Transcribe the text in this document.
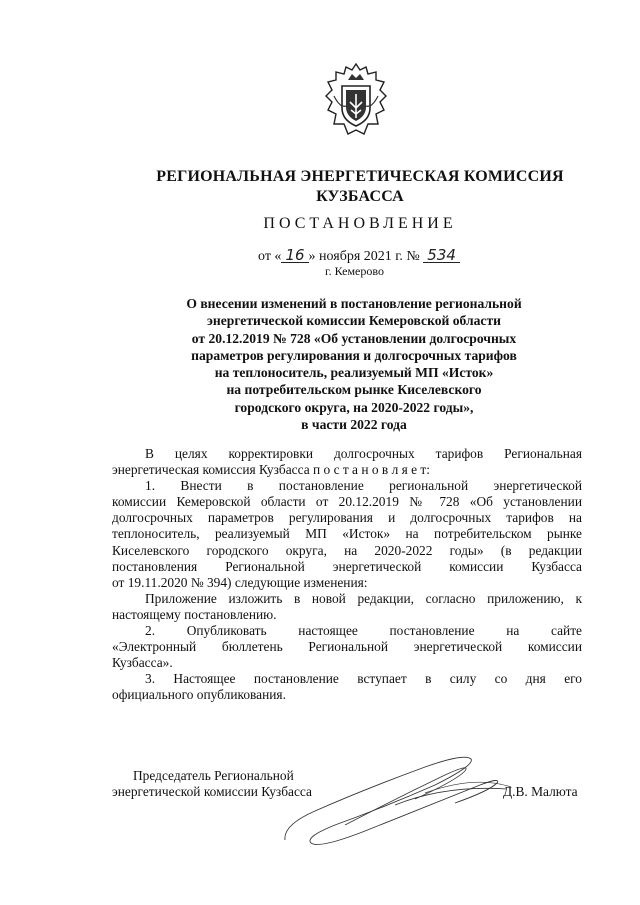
РЕГИОНАЛЬНАЯ ЭНЕРГЕТИЧЕСКАЯ КОМИССИЯ
КУЗБАССА
ПОСТАНОВЛЕНИЕ
от « 16 » ноября 2021 г. № 534
г. Кемерово
О внесении изменений в постановление региональной
энергетической комиссии Кемеровской области
от 20.12.2019 № 728 «Об установлении долгосрочных
параметров регулирования и долгосрочных тарифов
на теплоноситель, реализуемый МП «Исток»
на потребительском рынке Киселевского
городского округа, на 2020-2022 годы»,
в части 2022 года
В целях корректировки долгосрочных тарифов Региональная
энергетическая комиссия Кузбасса п о с т а н о в л я е т:
1. Внести в постановление региональной энергетической
комиссии Кемеровской области от 20.12.2019 № 728 «Об установлении
долгосрочных параметров регулирования и долгосрочных тарифов на
теплоноситель, реализуемый МП «Исток» на потребительском рынке
Киселевского городского округа, на 2020-2022 годы» (в редакции
постановления Региональной энергетической комиссии Кузбасса
от 19.11.2020 № 394) следующие изменения:
Приложение изложить в новой редакции, согласно приложению, к
настоящему постановлению.
2. Опубликовать настоящее постановление на сайте
«Электронный бюллетень Региональной энергетической комиссии
Кузбасса».
3. Настоящее постановление вступает в силу со дня его
официального опубликования.
Председатель Региональной
энергетической комиссии Кузбасса	Д.В. Малюта
